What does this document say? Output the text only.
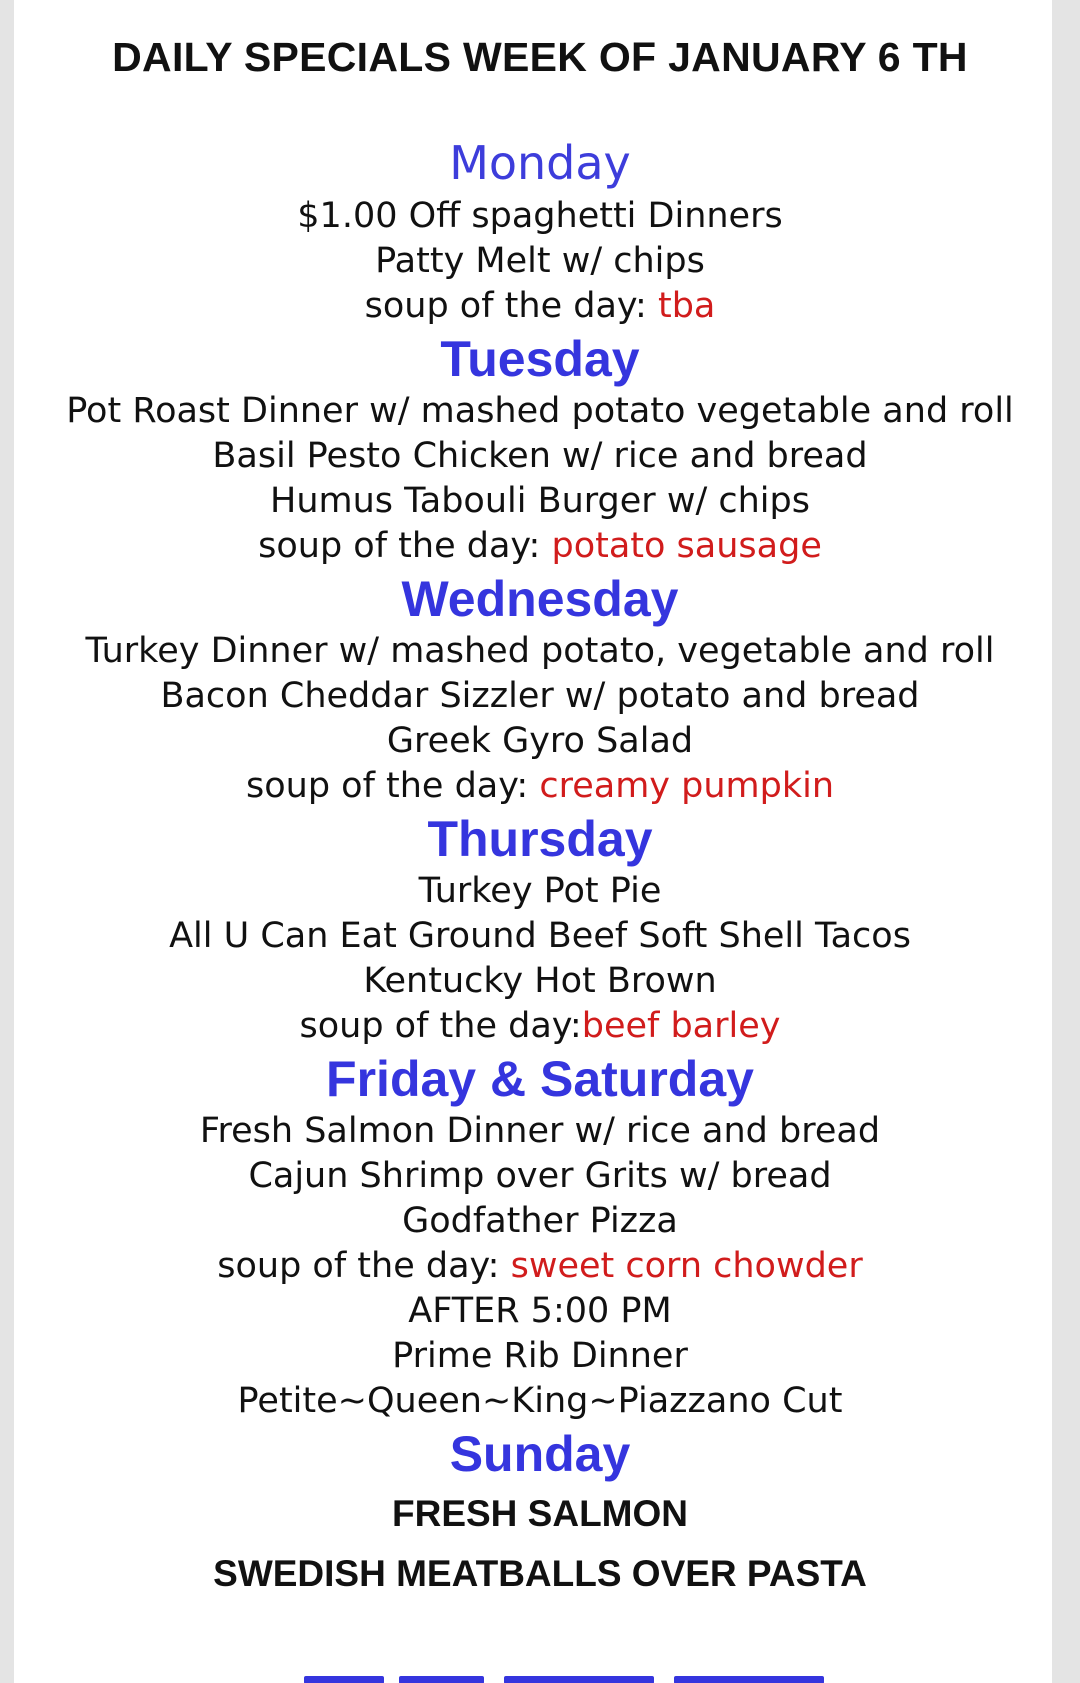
DAILY SPECIALS WEEK OF JANUARY 6 TH
Monday
$1.00 Off spaghetti Dinners
Patty Melt w/ chips
soup of the day: tba
Tuesday
Pot Roast Dinner w/ mashed potato vegetable and roll
Basil Pesto Chicken w/ rice and bread
Humus Tabouli Burger w/ chips
soup of the day: potato sausage
Wednesday
Turkey Dinner w/ mashed potato, vegetable and roll
Bacon Cheddar Sizzler w/ potato and bread
Greek Gyro Salad
soup of the day: creamy pumpkin
Thursday
Turkey Pot Pie
All U Can Eat Ground Beef Soft Shell Tacos
Kentucky Hot Brown
soup of the day:beef barley
Friday & Saturday
Fresh Salmon Dinner w/ rice and bread
Cajun Shrimp over Grits w/ bread
Godfather Pizza
soup of the day: sweet corn chowder
AFTER 5:00 PM
Prime Rib Dinner
Petite~Queen~King~Piazzano Cut
Sunday
FRESH SALMON
SWEDISH MEATBALLS OVER PASTA
